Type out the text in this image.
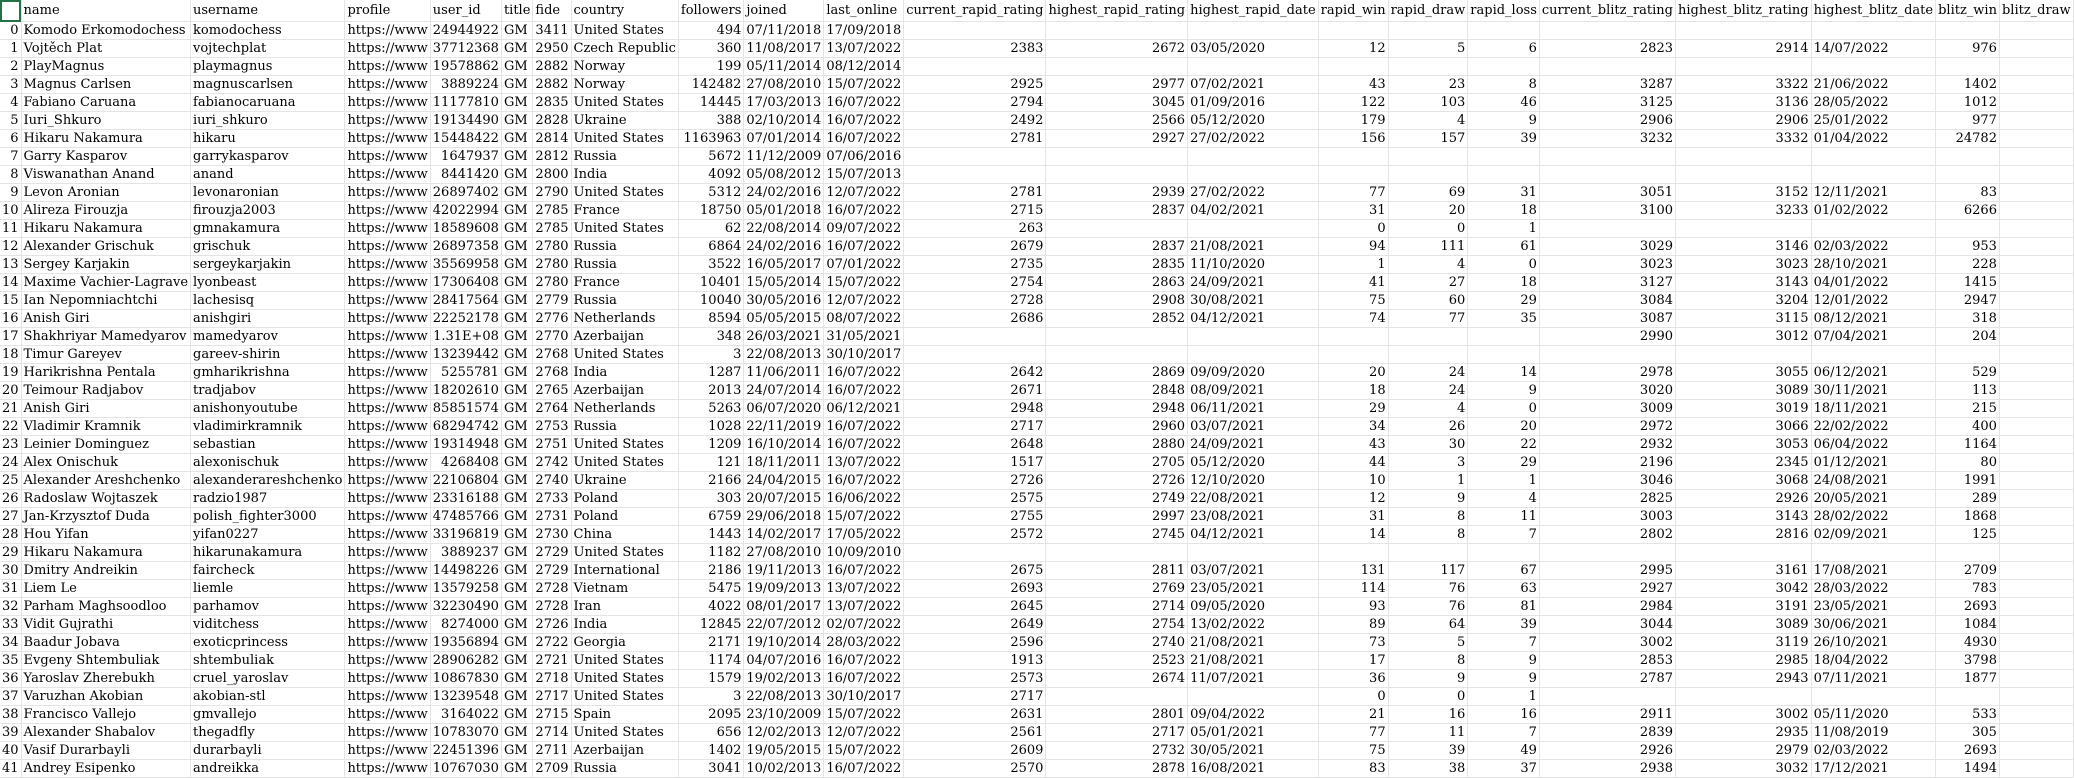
	name	username	profile	user_id	title	fide	country	followers	joined	last_online	current_rapid_rating	highest_rapid_rating	highest_rapid_date	rapid_win	rapid_draw	rapid_loss	current_blitz_rating	highest_blitz_rating	highest_blitz_date	blitz_win	blitz_draw
0	Komodo Erkomodochess	komodochess	https://www	24944922	GM	3411	United States	494	07/11/2018	17/09/2018											
1	Vojtěch Plat	vojtechplat	https://www	37712368	GM	2950	Czech Republic	360	11/08/2017	13/07/2022	2383	2672	03/05/2020	12	5	6	2823	2914	14/07/2022	976	
2	PlayMagnus	playmagnus	https://www	19578862	GM	2882	Norway	199	05/11/2014	08/12/2014											
3	Magnus Carlsen	magnuscarlsen	https://www	3889224	GM	2882	Norway	142482	27/08/2010	15/07/2022	2925	2977	07/02/2021	43	23	8	3287	3322	21/06/2022	1402	
4	Fabiano Caruana	fabianocaruana	https://www	11177810	GM	2835	United States	14445	17/03/2013	16/07/2022	2794	3045	01/09/2016	122	103	46	3125	3136	28/05/2022	1012	
5	Iuri_Shkuro	iuri_shkuro	https://www	19134490	GM	2828	Ukraine	388	02/10/2014	16/07/2022	2492	2566	05/12/2020	179	4	9	2906	2906	25/01/2022	977	
6	Hikaru Nakamura	hikaru	https://www	15448422	GM	2814	United States	1163963	07/01/2014	16/07/2022	2781	2927	27/02/2022	156	157	39	3232	3332	01/04/2022	24782	
7	Garry Kasparov	garrykasparov	https://www	1647937	GM	2812	Russia	5672	11/12/2009	07/06/2016											
8	Viswanathan Anand	anand	https://www	8441420	GM	2800	India	4092	05/08/2012	15/07/2013											
9	Levon Aronian	levonaronian	https://www	26897402	GM	2790	United States	5312	24/02/2016	12/07/2022	2781	2939	27/02/2022	77	69	31	3051	3152	12/11/2021	83	
10	Alireza Firouzja	firouzja2003	https://www	42022994	GM	2785	France	18750	05/01/2018	16/07/2022	2715	2837	04/02/2021	31	20	18	3100	3233	01/02/2022	6266	
11	Hikaru Nakamura	gmnakamura	https://www	18589608	GM	2785	United States	62	22/08/2014	09/07/2022	263			0	0	1					
12	Alexander Grischuk	grischuk	https://www	26897358	GM	2780	Russia	6864	24/02/2016	16/07/2022	2679	2837	21/08/2021	94	111	61	3029	3146	02/03/2022	953	
13	Sergey Karjakin	sergeykarjakin	https://www	35569958	GM	2780	Russia	3522	16/05/2017	07/01/2022	2735	2835	11/10/2020	1	4	0	3023	3023	28/10/2021	228	
14	Maxime Vachier-Lagrave	lyonbeast	https://www	17306408	GM	2780	France	10401	15/05/2014	15/07/2022	2754	2863	24/09/2021	41	27	18	3127	3143	04/01/2022	1415	
15	Ian Nepomniachtchi	lachesisq	https://www	28417564	GM	2779	Russia	10040	30/05/2016	12/07/2022	2728	2908	30/08/2021	75	60	29	3084	3204	12/01/2022	2947	
16	Anish Giri	anishgiri	https://www	22252178	GM	2776	Netherlands	8594	05/05/2015	08/07/2022	2686	2852	04/12/2021	74	77	35	3087	3115	08/12/2021	318	
17	Shakhriyar Mamedyarov	mamedyarov	https://www	1.31E+08	GM	2770	Azerbaijan	348	26/03/2021	31/05/2021							2990	3012	07/04/2021	204	
18	Timur Gareyev	gareev-shirin	https://www	13239442	GM	2768	United States	3	22/08/2013	30/10/2017											
19	Harikrishna Pentala	gmharikrishna	https://www	5255781	GM	2768	India	1287	11/06/2011	16/07/2022	2642	2869	09/09/2020	20	24	14	2978	3055	06/12/2021	529	
20	Teimour Radjabov	tradjabov	https://www	18202610	GM	2765	Azerbaijan	2013	24/07/2014	16/07/2022	2671	2848	08/09/2021	18	24	9	3020	3089	30/11/2021	113	
21	Anish Giri	anishonyoutube	https://www	85851574	GM	2764	Netherlands	5263	06/07/2020	06/12/2021	2948	2948	06/11/2021	29	4	0	3009	3019	18/11/2021	215	
22	Vladimir Kramnik	vladimirkramnik	https://www	68294742	GM	2753	Russia	1028	22/11/2019	16/07/2022	2717	2960	03/07/2021	34	26	20	2972	3066	22/02/2022	400	
23	Leinier Dominguez	sebastian	https://www	19314948	GM	2751	United States	1209	16/10/2014	16/07/2022	2648	2880	24/09/2021	43	30	22	2932	3053	06/04/2022	1164	
24	Alex Onischuk	alexonischuk	https://www	4268408	GM	2742	United States	121	18/11/2011	13/07/2022	1517	2705	05/12/2020	44	3	29	2196	2345	01/12/2021	80	
25	Alexander Areshchenko	alexanderareshchenko	https://www	22106804	GM	2740	Ukraine	2166	24/04/2015	16/07/2022	2726	2726	12/10/2020	10	1	1	3046	3068	24/08/2021	1991	
26	Radoslaw Wojtaszek	radzio1987	https://www	23316188	GM	2733	Poland	303	20/07/2015	16/06/2022	2575	2749	22/08/2021	12	9	4	2825	2926	20/05/2021	289	
27	Jan-Krzysztof Duda	polish_fighter3000	https://www	47485766	GM	2731	Poland	6759	29/06/2018	15/07/2022	2755	2997	23/08/2021	31	8	11	3003	3143	28/02/2022	1868	
28	Hou Yifan	yifan0227	https://www	33196819	GM	2730	China	1443	14/02/2017	17/05/2022	2572	2745	04/12/2021	14	8	7	2802	2816	02/09/2021	125	
29	Hikaru Nakamura	hikarunakamura	https://www	3889237	GM	2729	United States	1182	27/08/2010	10/09/2010											
30	Dmitry Andreikin	faircheck	https://www	14498226	GM	2729	International	2186	19/11/2013	16/07/2022	2675	2811	03/07/2021	131	117	67	2995	3161	17/08/2021	2709	
31	Liem Le	liemle	https://www	13579258	GM	2728	Vietnam	5475	19/09/2013	13/07/2022	2693	2769	23/05/2021	114	76	63	2927	3042	28/03/2022	783	
32	Parham Maghsoodloo	parhamov	https://www	32230490	GM	2728	Iran	4022	08/01/2017	13/07/2022	2645	2714	09/05/2020	93	76	81	2984	3191	23/05/2021	2693	
33	Vidit Gujrathi	viditchess	https://www	8274000	GM	2726	India	12845	22/07/2012	02/07/2022	2649	2754	13/02/2022	89	64	39	3044	3089	30/06/2021	1084	
34	Baadur Jobava	exoticprincess	https://www	19356894	GM	2722	Georgia	2171	19/10/2014	28/03/2022	2596	2740	21/08/2021	73	5	7	3002	3119	26/10/2021	4930	
35	Evgeny Shtembuliak	shtembuliak	https://www	28906282	GM	2721	United States	1174	04/07/2016	16/07/2022	1913	2523	21/08/2021	17	8	9	2853	2985	18/04/2022	3798	
36	Yaroslav Zherebukh	cruel_yaroslav	https://www	10867830	GM	2718	United States	1579	19/02/2013	16/07/2022	2573	2674	11/07/2021	36	9	9	2787	2943	07/11/2021	1877	
37	Varuzhan Akobian	akobian-stl	https://www	13239548	GM	2717	United States	3	22/08/2013	30/10/2017	2717			0	0	1					
38	Francisco Vallejo	gmvallejo	https://www	3164022	GM	2715	Spain	2095	23/10/2009	15/07/2022	2631	2801	09/04/2022	21	16	16	2911	3002	05/11/2020	533	
39	Alexander Shabalov	thegadfly	https://www	10783070	GM	2714	United States	656	12/02/2013	12/07/2022	2561	2717	05/01/2021	77	11	7	2839	2935	11/08/2019	305	
40	Vasif Durarbayli	durarbayli	https://www	22451396	GM	2711	Azerbaijan	1402	19/05/2015	15/07/2022	2609	2732	30/05/2021	75	39	49	2926	2979	02/03/2022	2693	
41	Andrey Esipenko	andreikka	https://www	10767030	GM	2709	Russia	3041	10/02/2013	16/07/2022	2570	2878	16/08/2021	83	38	37	2938	3032	17/12/2021	1494	
